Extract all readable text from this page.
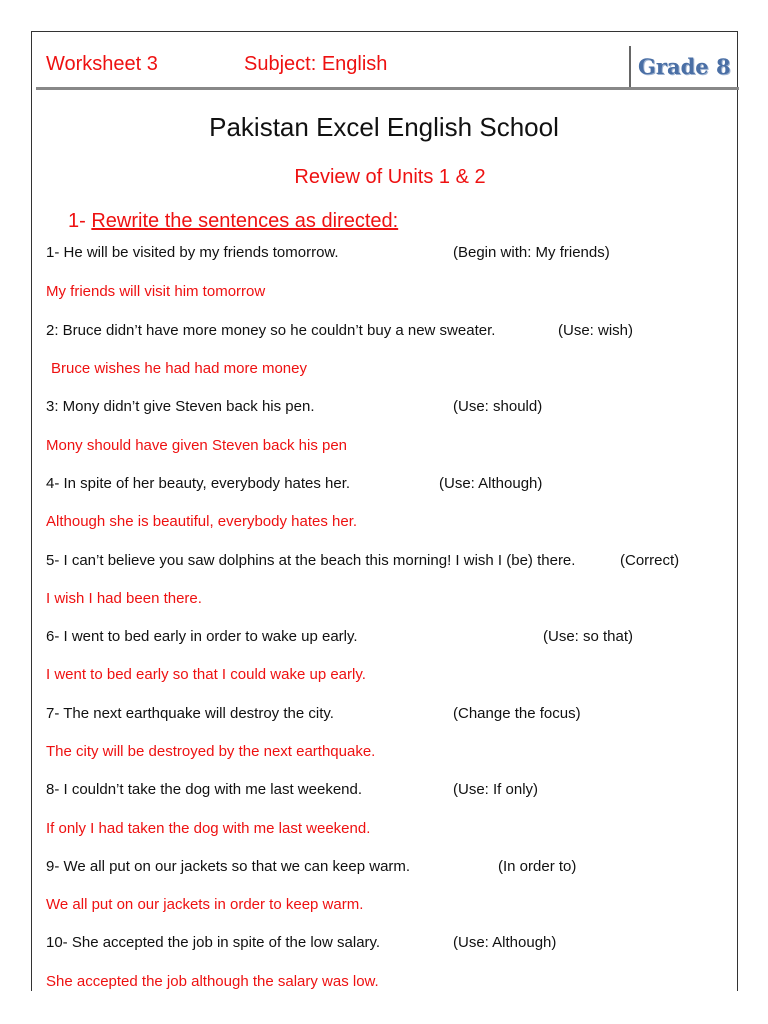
Worksheet 3	Subject: English	Grade 8
Pakistan Excel English School
Review of Units 1 & 2
1- Rewrite the sentences as directed:
1- He will be visited by my friends tomorrow.	(Begin with: My friends)
My friends will visit him tomorrow
2: Bruce didn’t have more money so he couldn’t buy a new sweater.	(Use: wish)
Bruce wishes he had had more money
3: Mony didn’t give Steven back his pen.	(Use: should)
Mony should have given Steven back his pen
4- In spite of her beauty, everybody hates her.	(Use: Although)
Although she is beautiful, everybody hates her.
5- I can’t believe you saw dolphins at the beach this morning! I wish I (be) there.	(Correct)
I wish I had been there.
6- I went to bed early in order to wake up early.	(Use: so that)
I went to bed early so that I could wake up early.
7- The next earthquake will destroy the city.	(Change the focus)
The city will be destroyed by the next earthquake.
8- I couldn’t take the dog with me last weekend.	(Use: If only)
If only I had taken the dog with me last weekend.
9- We all put on our jackets so that we can keep warm.	(In order to)
We all put on our jackets in order to keep warm.
10- She accepted the job in spite of the low salary.	(Use: Although)
She accepted the job although the salary was low.
